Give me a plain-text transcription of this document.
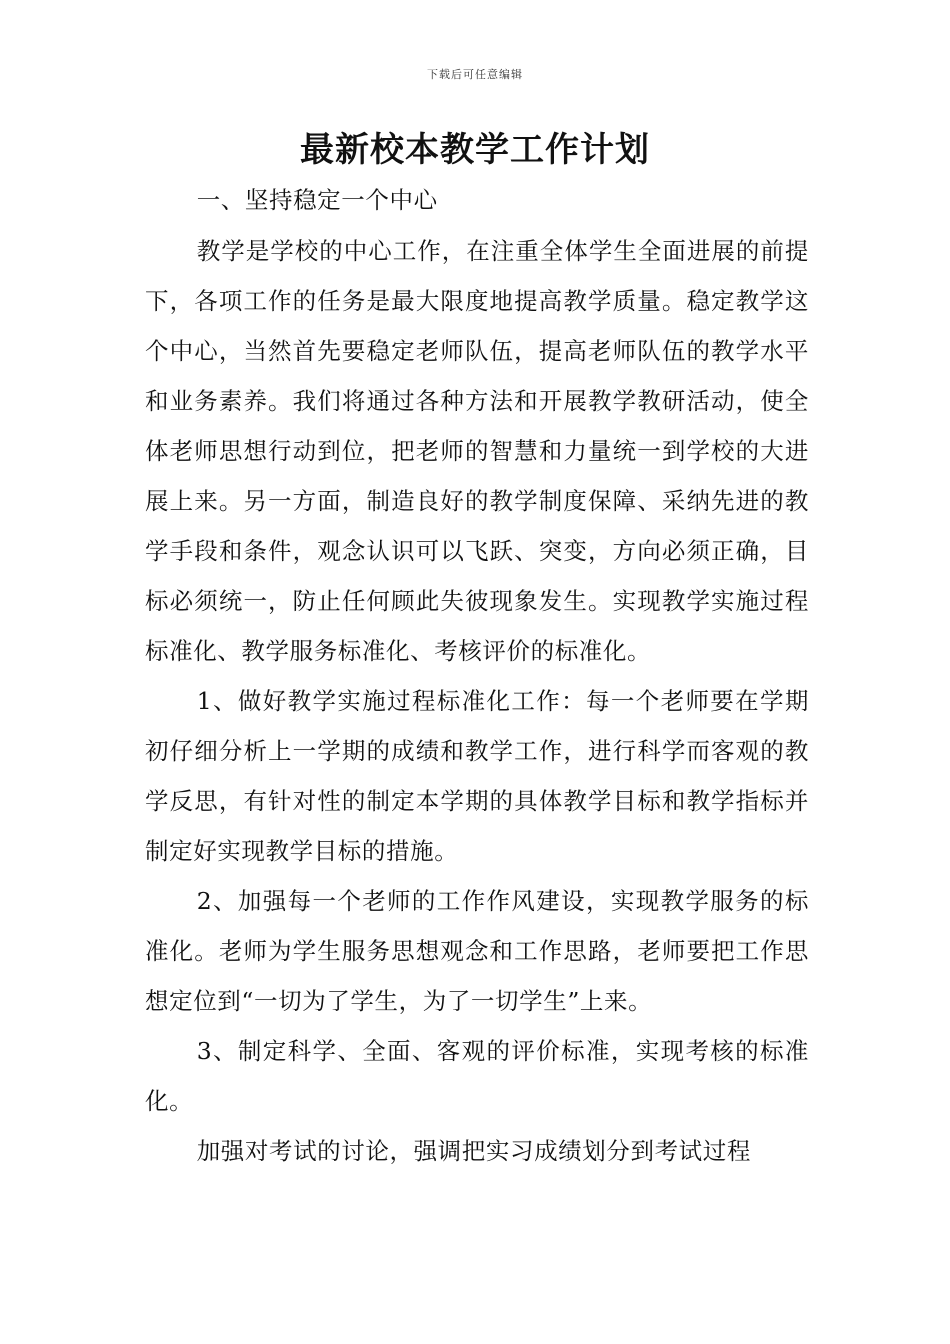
下载后可任意编辑
最新校本教学工作计划

一、坚持稳定一个中心

教学是学校的中心工作，在注重全体学生全面进展的前提下，各项工作的任务是最大限度地提高教学质量。稳定教学这个中心，当然首先要稳定老师队伍，提高老师队伍的教学水平和业务素养。我们将通过各种方法和开展教学教研活动，使全体老师思想行动到位，把老师的智慧和力量统一到学校的大进展上来。另一方面，制造良好的教学制度保障、采纳先进的教学手段和条件，观念认识可以飞跃、突变，方向必须正确，目标必须统一，防止任何顾此失彼现象发生。实现教学实施过程标准化、教学服务标准化、考核评价的标准化。

1、做好教学实施过程标准化工作：每一个老师要在学期初仔细分析上一学期的成绩和教学工作，进行科学而客观的教学反思，有针对性的制定本学期的具体教学目标和教学指标并制定好实现教学目标的措施。

2、加强每一个老师的工作作风建设，实现教学服务的标准化。老师为学生服务思想观念和工作思路，老师要把工作思想定位到“一切为了学生，为了一切学生”上来。

3、制定科学、全面、客观的评价标准，实现考核的标准化。

加强对考试的讨论，强调把实习成绩划分到考试过程
